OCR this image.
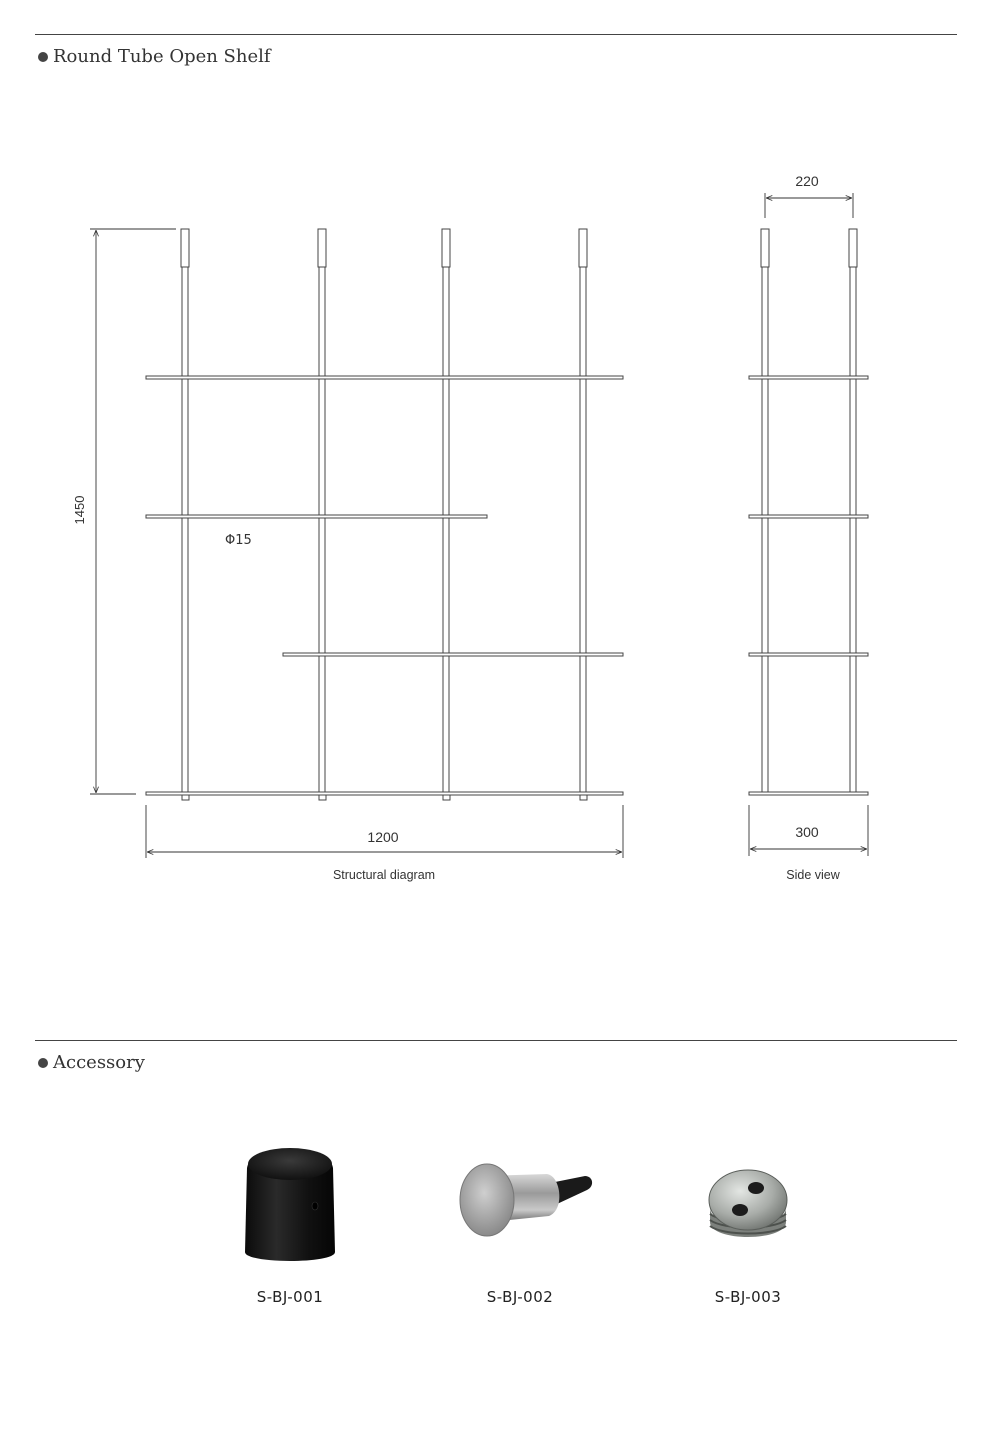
Round Tube Open Shelf
1450
1200
Φ15
Structural diagram
220
300
Side view
Accessory
S-BJ-001	S-BJ-002	S-BJ-003
